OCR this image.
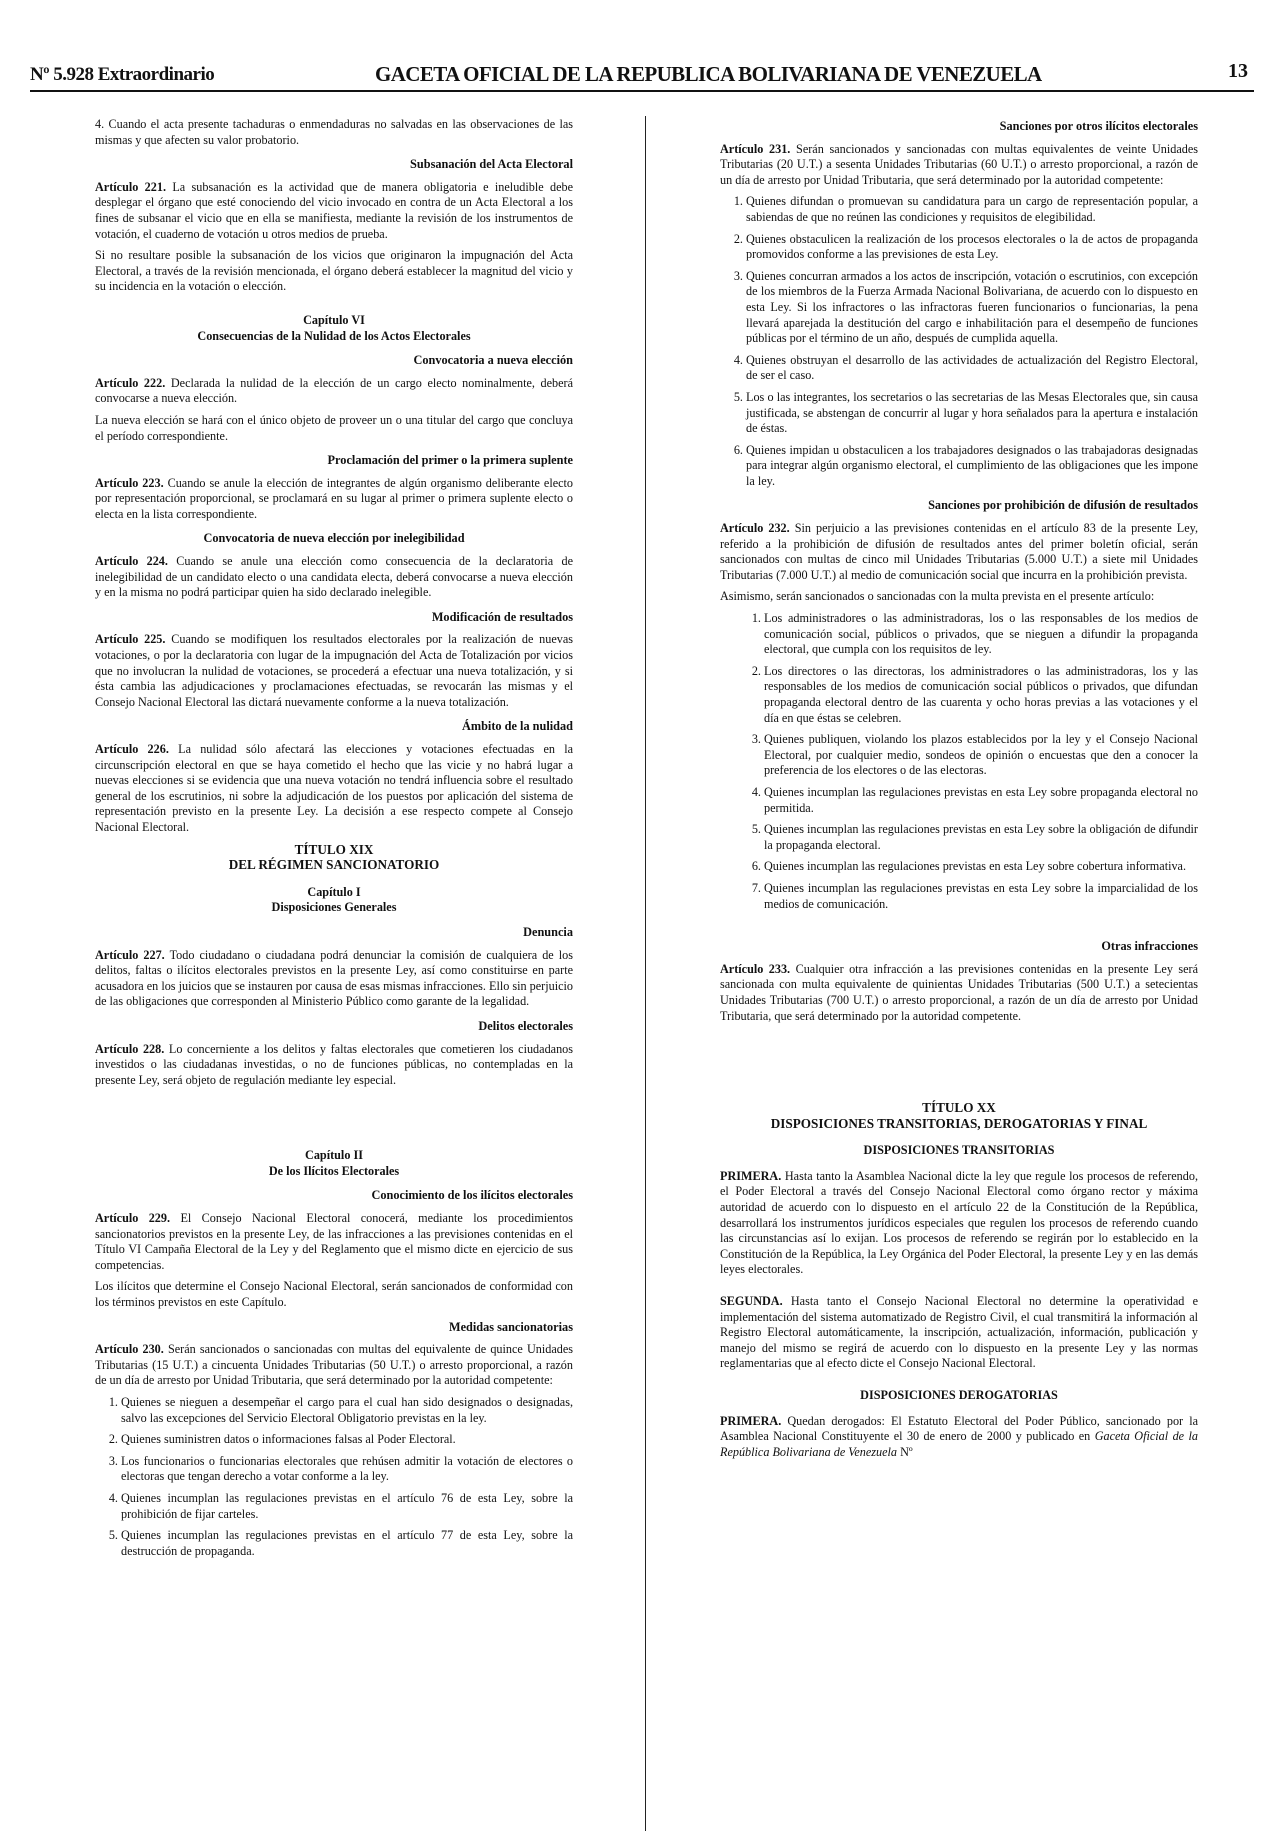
Nº 5.928 Extraordinario	GACETA OFICIAL DE LA REPUBLICA BOLIVARIANA DE VENEZUELA	13

4. Cuando el acta presente tachaduras o enmendaduras no salvadas en las observaciones de las mismas y que afecten su valor probatorio.

Subsanación del Acta Electoral

Artículo 221. La subsanación es la actividad que de manera obligatoria e ineludible debe desplegar el órgano que esté conociendo del vicio invocado en contra de un Acta Electoral a los fines de subsanar el vicio que en ella se manifiesta, mediante la revisión de los instrumentos de votación, el cuaderno de votación u otros medios de prueba.

Si no resultare posible la subsanación de los vicios que originaron la impugnación del Acta Electoral, a través de la revisión mencionada, el órgano deberá establecer la magnitud del vicio y su incidencia en la votación o elección.

Capítulo VI
Consecuencias de la Nulidad de los Actos Electorales
Convocatoria a nueva elección

Artículo 222. Declarada la nulidad de la elección de un cargo electo nominalmente, deberá convocarse a nueva elección.

La nueva elección se hará con el único objeto de proveer un o una titular del cargo que concluya el período correspondiente.

Proclamación del primer o la primera suplente

Artículo 223. Cuando se anule la elección de integrantes de algún organismo deliberante electo por representación proporcional, se proclamará en su lugar al primer o primera suplente electo o electa en la lista correspondiente.

Convocatoria de nueva elección por inelegibilidad

Artículo 224. Cuando se anule una elección como consecuencia de la declaratoria de inelegibilidad de un candidato electo o una candidata electa, deberá convocarse a nueva elección y en la misma no podrá participar quien ha sido declarado inelegible.

Modificación de resultados

Artículo 225. Cuando se modifiquen los resultados electorales por la realización de nuevas votaciones, o por la declaratoria con lugar de la impugnación del Acta de Totalización por vicios que no involucran la nulidad de votaciones, se procederá a efectuar una nueva totalización, y si ésta cambia las adjudicaciones y proclamaciones efectuadas, se revocarán las mismas y el Consejo Nacional Electoral las dictará nuevamente conforme a la nueva totalización.

Ámbito de la nulidad

Artículo 226. La nulidad sólo afectará las elecciones y votaciones efectuadas en la circunscripción electoral en que se haya cometido el hecho que las vicie y no habrá lugar a nuevas elecciones si se evidencia que una nueva votación no tendrá influencia sobre el resultado general de los escrutinios, ni sobre la adjudicación de los puestos por aplicación del sistema de representación previsto en la presente Ley. La decisión a ese respecto compete al Consejo Nacional Electoral.

TÍTULO XIX
DEL RÉGIMEN SANCIONATORIO
Capítulo I
Disposiciones Generales
Denuncia

Artículo 227. Todo ciudadano o ciudadana podrá denunciar la comisión de cualquiera de los delitos, faltas o ilícitos electorales previstos en la presente Ley, así como constituirse en parte acusadora en los juicios que se instauren por causa de esas mismas infracciones. Ello sin perjuicio de las obligaciones que corresponden al Ministerio Público como garante de la legalidad.

Delitos electorales

Artículo 228. Lo concerniente a los delitos y faltas electorales que cometieren los ciudadanos investidos o las ciudadanas investidas, o no de funciones públicas, no contempladas en la presente Ley, será objeto de regulación mediante ley especial.

Capítulo II
De los Ilícitos Electorales
Conocimiento de los ilícitos electorales

Artículo 229. El Consejo Nacional Electoral conocerá, mediante los procedimientos sancionatorios previstos en la presente Ley, de las infracciones a las previsiones contenidas en el Título VI Campaña Electoral de la Ley y del Reglamento que el mismo dicte en ejercicio de sus competencias.

Los ilícitos que determine el Consejo Nacional Electoral, serán sancionados de conformidad con los términos previstos en este Capítulo.

Medidas sancionatorias

Artículo 230. Serán sancionados o sancionadas con multas del equivalente de quince Unidades Tributarias (15 U.T.) a cincuenta Unidades Tributarias (50 U.T.) o arresto proporcional, a razón de un día de arresto por Unidad Tributaria, que será determinado por la autoridad competente:

1. Quienes se nieguen a desempeñar el cargo para el cual han sido designados o designadas, salvo las excepciones del Servicio Electoral Obligatorio previstas en la ley.
2. Quienes suministren datos o informaciones falsas al Poder Electoral.
3. Los funcionarios o funcionarias electorales que rehúsen admitir la votación de electores o electoras que tengan derecho a votar conforme a la ley.
4. Quienes incumplan las regulaciones previstas en el artículo 76 de esta Ley, sobre la prohibición de fijar carteles.
5. Quienes incumplan las regulaciones previstas en el artículo 77 de esta Ley, sobre la destrucción de propaganda.
Sanciones por otros ilícitos electorales

Artículo 231. Serán sancionados y sancionadas con multas equivalentes de veinte Unidades Tributarias (20 U.T.) a sesenta Unidades Tributarias (60 U.T.) o arresto proporcional, a razón de un día de arresto por Unidad Tributaria, que será determinado por la autoridad competente:

1. Quienes difundan o promuevan su candidatura para un cargo de representación popular, a sabiendas de que no reúnen las condiciones y requisitos de elegibilidad.
2. Quienes obstaculicen la realización de los procesos electorales o la de actos de propaganda promovidos conforme a las previsiones de esta Ley.
3. Quienes concurran armados a los actos de inscripción, votación o escrutinios, con excepción de los miembros de la Fuerza Armada Nacional Bolivariana, de acuerdo con lo dispuesto en esta Ley. Si los infractores o las infractoras fueren funcionarios o funcionarias, la pena llevará aparejada la destitución del cargo e inhabilitación para el desempeño de funciones públicas por el término de un año, después de cumplida aquella.
4. Quienes obstruyan el desarrollo de las actividades de actualización del Registro Electoral, de ser el caso.
5. Los o las integrantes, los secretarios o las secretarias de las Mesas Electorales que, sin causa justificada, se abstengan de concurrir al lugar y hora señalados para la apertura e instalación de éstas.
6. Quienes impidan u obstaculicen a los trabajadores designados o las trabajadoras designadas para integrar algún organismo electoral, el cumplimiento de las obligaciones que les impone la ley.
Sanciones por prohibición de difusión de resultados

Artículo 232. Sin perjuicio a las previsiones contenidas en el artículo 83 de la presente Ley, referido a la prohibición de difusión de resultados antes del primer boletín oficial, serán sancionados con multas de cinco mil Unidades Tributarias (5.000 U.T.) a siete mil Unidades Tributarias (7.000 U.T.) al medio de comunicación social que incurra en la prohibición prevista.

Asimismo, serán sancionados o sancionadas con la multa prevista en el presente artículo:

1. Los administradores o las administradoras, los o las responsables de los medios de comunicación social, públicos o privados, que se nieguen a difundir la propaganda electoral, que cumpla con los requisitos de ley.
2. Los directores o las directoras, los administradores o las administradoras, los y las responsables de los medios de comunicación social públicos o privados, que difundan propaganda electoral dentro de las cuarenta y ocho horas previas a las votaciones y el día en que éstas se celebren.
3. Quienes publiquen, violando los plazos establecidos por la ley y el Consejo Nacional Electoral, por cualquier medio, sondeos de opinión o encuestas que den a conocer la preferencia de los electores o de las electoras.
4. Quienes incumplan las regulaciones previstas en esta Ley sobre propaganda electoral no permitida.
5. Quienes incumplan las regulaciones previstas en esta Ley sobre la obligación de difundir la propaganda electoral.
6. Quienes incumplan las regulaciones previstas en esta Ley sobre cobertura informativa.
7. Quienes incumplan las regulaciones previstas en esta Ley sobre la imparcialidad de los medios de comunicación.
Otras infracciones

Artículo 233. Cualquier otra infracción a las previsiones contenidas en la presente Ley será sancionada con multa equivalente de quinientas Unidades Tributarias (500 U.T.) a setecientas Unidades Tributarias (700 U.T.) o arresto proporcional, a razón de un día de arresto por Unidad Tributaria, que será determinado por la autoridad competente.

TÍTULO XX
DISPOSICIONES TRANSITORIAS, DEROGATORIAS Y FINAL
DISPOSICIONES TRANSITORIAS

PRIMERA. Hasta tanto la Asamblea Nacional dicte la ley que regule los procesos de referendo, el Poder Electoral a través del Consejo Nacional Electoral como órgano rector y máxima autoridad de acuerdo con lo dispuesto en el artículo 22 de la Constitución de la República, desarrollará los instrumentos jurídicos especiales que regulen los procesos de referendo cuando las circunstancias así lo exijan. Los procesos de referendo se regirán por lo establecido en la Constitución de la República, la Ley Orgánica del Poder Electoral, la presente Ley y en las demás leyes electorales.

SEGUNDA. Hasta tanto el Consejo Nacional Electoral no determine la operatividad e implementación del sistema automatizado de Registro Civil, el cual transmitirá la información al Registro Electoral automáticamente, la inscripción, actualización, información, publicación y manejo del mismo se regirá de acuerdo con lo dispuesto en la presente Ley y las normas reglamentarias que al efecto dicte el Consejo Nacional Electoral.

DISPOSICIONES DEROGATORIAS

PRIMERA. Quedan derogados: El Estatuto Electoral del Poder Público, sancionado por la Asamblea Nacional Constituyente el 30 de enero de 2000 y publicado en Gaceta Oficial de la República Bolivariana de Venezuela Nº
